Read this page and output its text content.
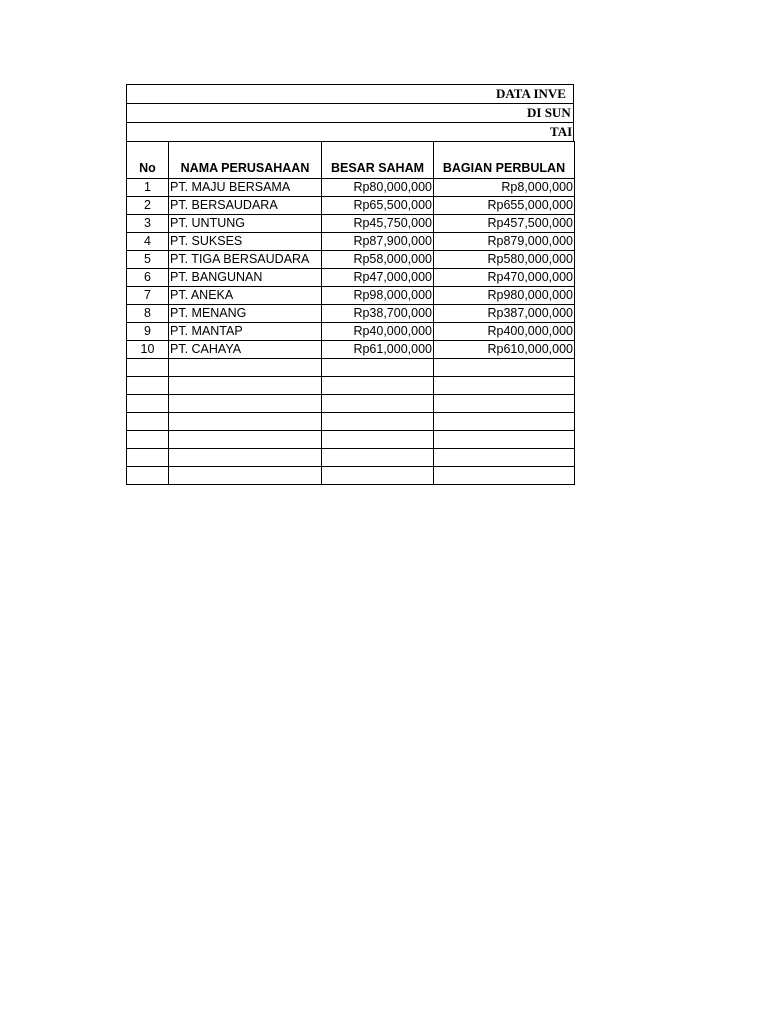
DATA INVE
DI SUN
TAI
No	NAMA PERUSAHAAN	BESAR SAHAM	BAGIAN PERBULAN
1	PT. MAJU BERSAMA	Rp80,000,000	Rp8,000,000
2	PT. BERSAUDARA	Rp65,500,000	Rp655,000,000
3	PT. UNTUNG	Rp45,750,000	Rp457,500,000
4	PT. SUKSES	Rp87,900,000	Rp879,000,000
5	PT. TIGA BERSAUDARA	Rp58,000,000	Rp580,000,000
6	PT. BANGUNAN	Rp47,000,000	Rp470,000,000
7	PT. ANEKA	Rp98,000,000	Rp980,000,000
8	PT. MENANG	Rp38,700,000	Rp387,000,000
9	PT. MANTAP	Rp40,000,000	Rp400,000,000
10	PT. CAHAYA	Rp61,000,000	Rp610,000,000
